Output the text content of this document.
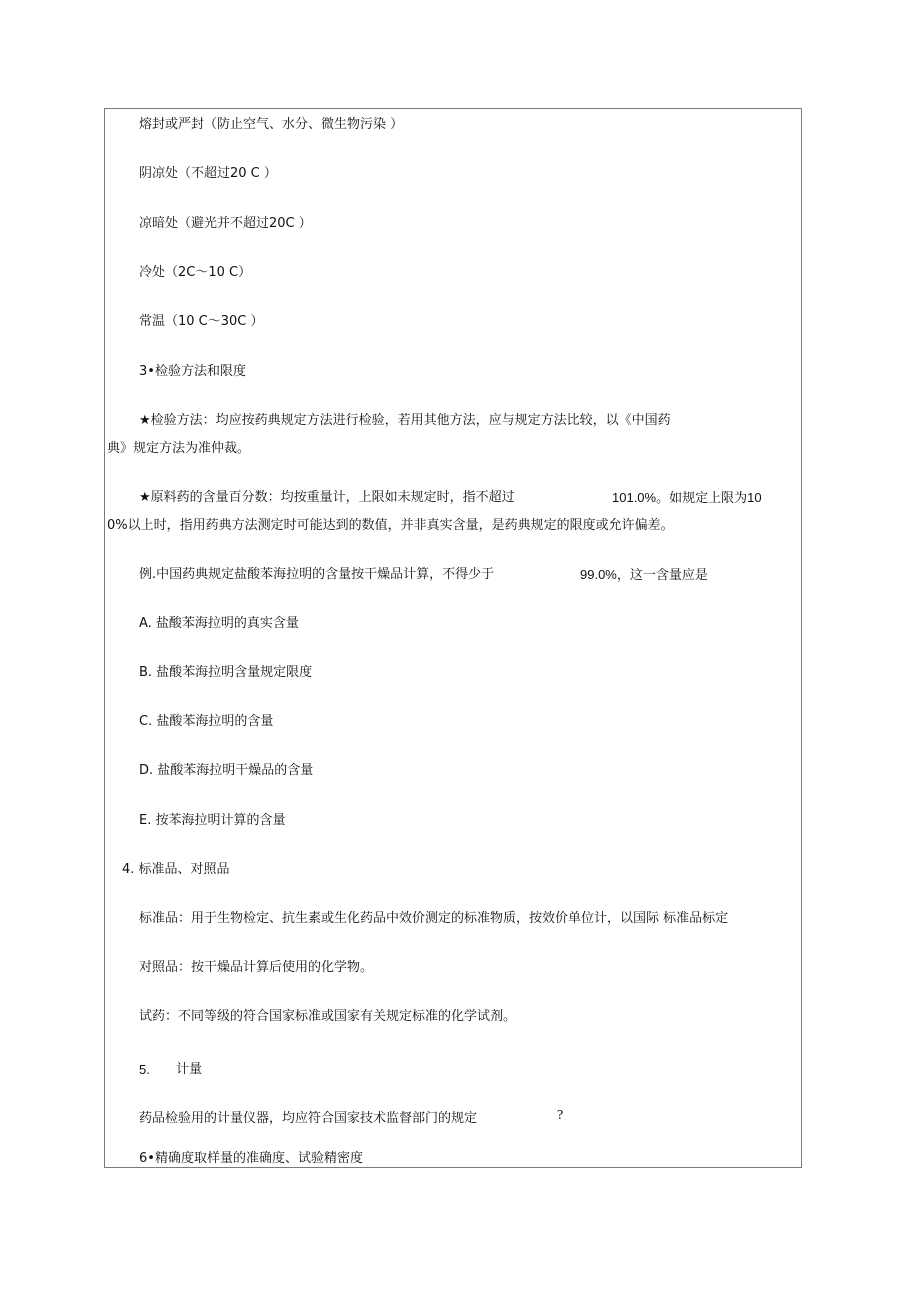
熔封或严封（防止空气、水分、微生物污染 ）
阴凉处（不超过20 C ）
凉暗处（避光并不超过20C ）
冷处（2C～10 C）
常温（10 C～30C ）
3•检验方法和限度
★检验方法：均应按药典规定方法进行检验，若用其他方法，应与规定方法比较，以《中国药
典》规定方法为准仲裁。
★原料药的含量百分数：均按重量计，上限如未规定时，指不超过	101.0%。如规定上限为10
0%以上时，指用药典方法测定时可能达到的数值，并非真实含量，是药典规定的限度或允许偏差。
例.中国药典规定盐酸苯海拉明的含量按干燥品计算，不得少于	99.0%，这一含量应是
A. 盐酸苯海拉明的真实含量
B. 盐酸苯海拉明含量规定限度
C. 盐酸苯海拉明的含量
D. 盐酸苯海拉明干燥品的含量
E. 按苯海拉明计算的含量
4. 标准品、对照品
标准品：用于生物检定、抗生素或生化药品中效价测定的标准物质，按效价单位计，以国际 标准品标定
对照品：按干燥品计算后使用的化学物。
试药：不同等级的符合国家标准或国家有关规定标准的化学试剂。
5. 计量
药品检验用的计量仪器，均应符合国家技术监督部门的规定	?
6•精确度取样量的准确度、试验精密度
